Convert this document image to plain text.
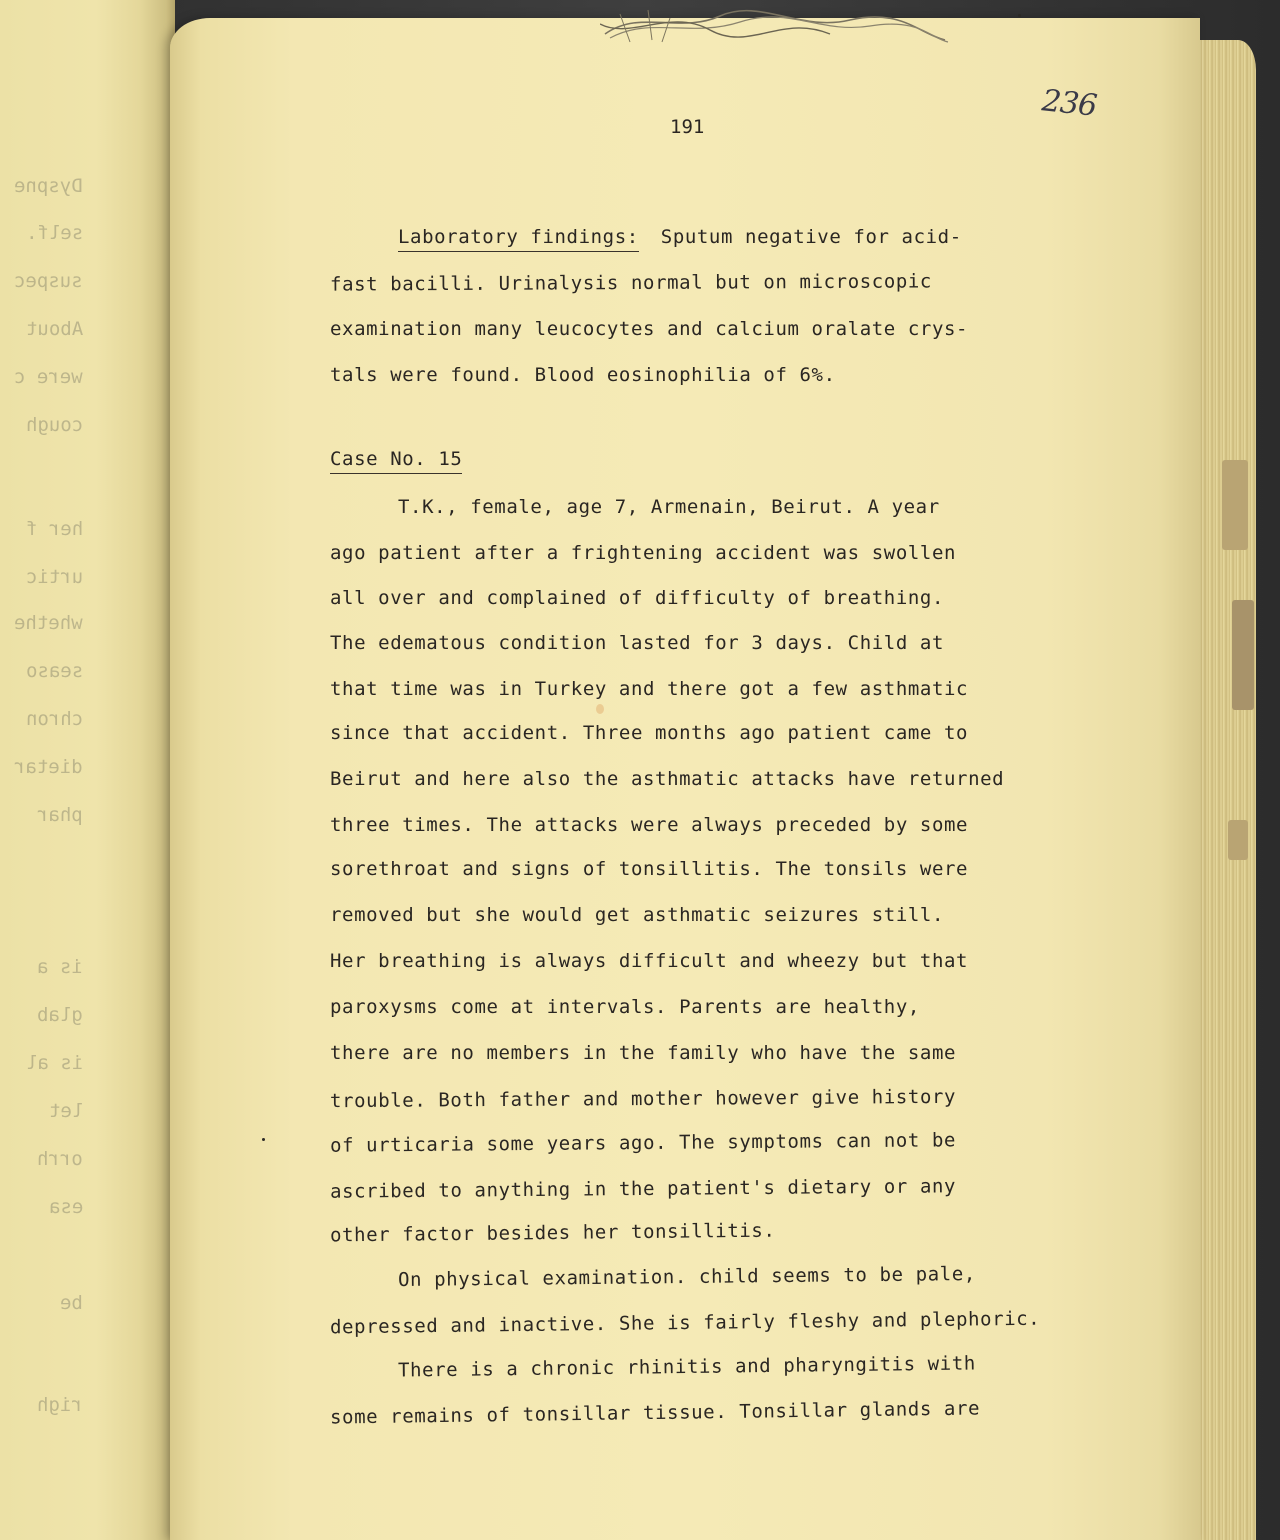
Dyspne
self.
suspec
About
were c
cough
her f
urtic
whethe
seaso
chron
dietar
phar
is a
glab
is al
let
orrh
esa
be
righ
191
236
Laboratory findings: Sputum negative for acid-
fast bacilli. Urinalysis normal but on microscopic
examination many leucocytes and calcium oralate crys-
tals were found. Blood eosinophilia of 6%.
Case No. 15
T.K., female, age 7, Armenain, Beirut. A year
ago patient after a frightening accident was swollen
all over and complained of difficulty of breathing.
The edematous condition lasted for 3 days. Child at
that time was in Turkey and there got a few asthmatic
since that accident. Three months ago patient came to
Beirut and here also the asthmatic attacks have returned
three times. The attacks were always preceded by some
sorethroat and signs of tonsillitis. The tonsils were
removed but she would get asthmatic seizures still.
Her breathing is always difficult and wheezy but that
paroxysms come at intervals. Parents are healthy,
there are no members in the family who have the same
trouble. Both father and mother however give history
of urticaria some years ago. The symptoms can not be
ascribed to anything in the patient's dietary or any
other factor besides her tonsillitis.
On physical examination. child seems to be pale,
depressed and inactive. She is fairly fleshy and plephoric.
There is a chronic rhinitis and pharyngitis with
some remains of tonsillar tissue. Tonsillar glands are
